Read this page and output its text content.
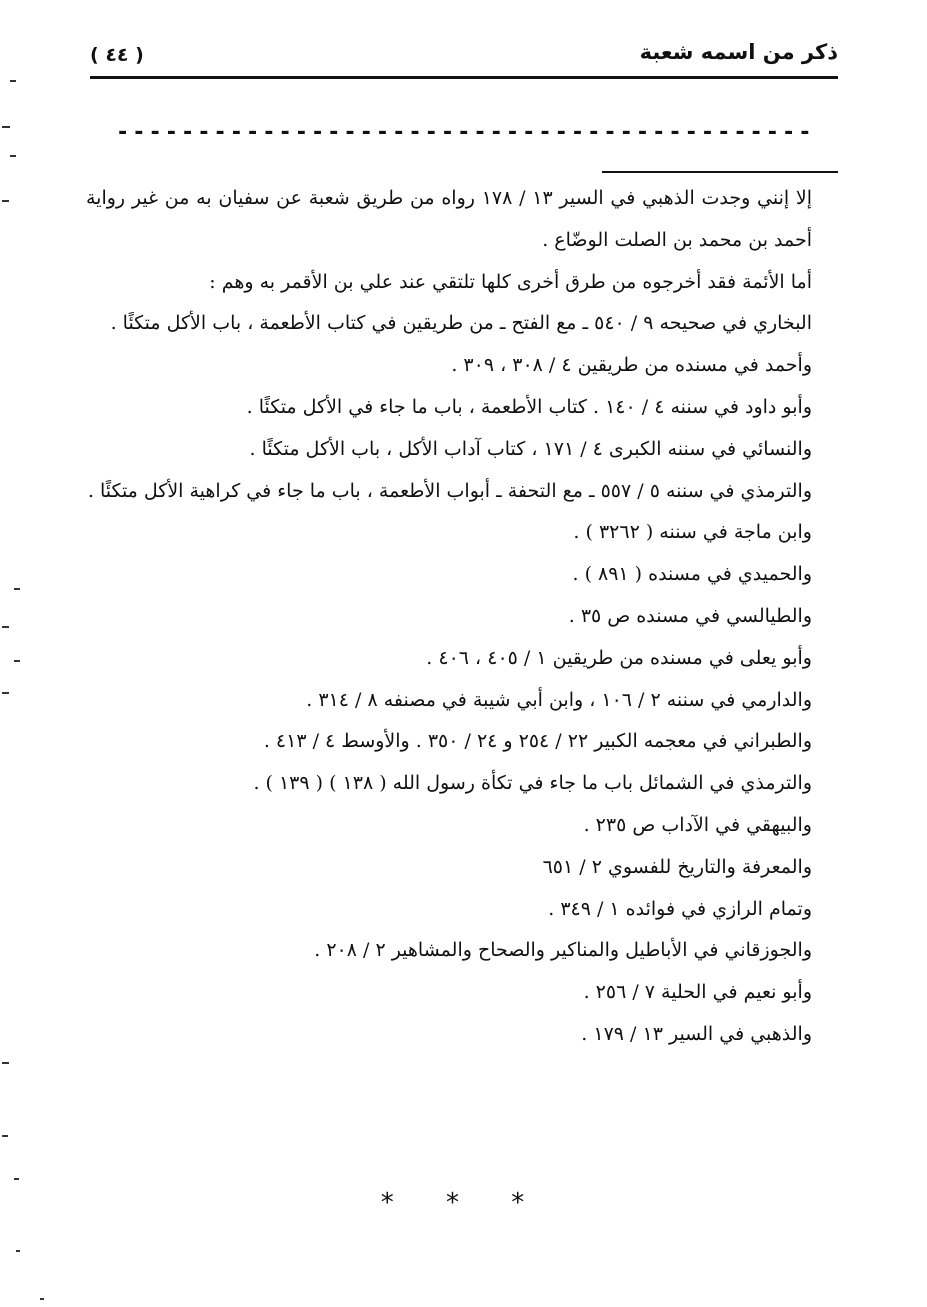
ذكر من اسمه شعبة
( ٤٤ )
-------------------------------------------

إلا إنني وجدت الذهبي في السير ١٣ / ١٧٨ رواه من طريق شعبة عن سفيان به من غير رواية أحمد بن محمد بن الصلت الوضّاع .

أما الأئمة فقد أخرجوه من طرق أخرى كلها تلتقي عند علي بن الأقمر به وهم :

البخاري في صحيحه ٩ / ٥٤٠ ـ مع الفتح ـ من طريقين في كتاب الأطعمة ، باب الأكل متكئًا .

وأحمد في مسنده من طريقين ٤ / ٣٠٨ ، ٣٠٩ .

وأبو داود في سننه ٤ / ١٤٠ . كتاب الأطعمة ، باب ما جاء في الأكل متكئًا .

والنسائي في سننه الكبرى ٤ / ١٧١ ، كتاب آداب الأكل ، باب الأكل متكئًا .

والترمذي في سننه ٥ / ٥٥٧ ـ مع التحفة ـ أبواب الأطعمة ، باب ما جاء في كراهية الأكل متكئًا .

وابن ماجة في سننه ( ٣٢٦٢ ) .

والحميدي في مسنده ( ٨٩١ ) .

والطيالسي في مسنده ص ٣٥ .

وأبو يعلى في مسنده من طريقين ١ / ٤٠٥ ، ٤٠٦ .

والدارمي في سننه ٢ / ١٠٦ ، وابن أبي شيبة في مصنفه ٨ / ٣١٤ .

والطبراني في معجمه الكبير ٢٢ / ٢٥٤ و ٢٤ / ٣٥٠ . والأوسط ٤ / ٤١٣ .

والترمذي في الشمائل باب ما جاء في تكأة رسول الله ( ١٣٨ ) ( ١٣٩ ) .

والبيهقي في الآداب ص ٢٣٥ .

والمعرفة والتاريخ للفسوي ٢ / ٦٥١

وتمام الرازي في فوائده ١ / ٣٤٩ .

والجوزقاني في الأباطيل والمناكير والصحاح والمشاهير ٢ / ٢٠٨ .

وأبو نعيم في الحلية ٧ / ٢٥٦ .

والذهبي في السير ١٣ / ١٧٩ .

* * *
